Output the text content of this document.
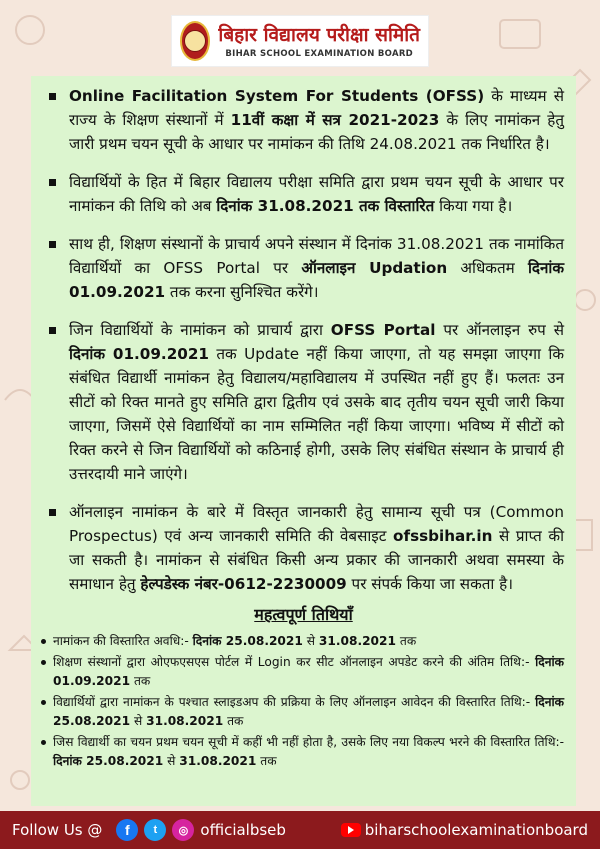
बिहार विद्यालय परीक्षा समिति
BIHAR SCHOOL EXAMINATION BOARD
Online Facilitation System For Students (OFSS) के माध्यम से राज्य के शिक्षण संस्थानों में 11वीं कक्षा में सत्र 2021-2023 के लिए नामांकन हेतु जारी प्रथम चयन सूची के आधार पर नामांकन की तिथि 24.08.2021 तक निर्धारित है।
विद्यार्थियों के हित में बिहार विद्यालय परीक्षा समिति द्वारा प्रथम चयन सूची के आधार पर नामांकन की तिथि को अब दिनांक 31.08.2021 तक विस्तारित किया गया है।
साथ ही, शिक्षण संस्थानों के प्राचार्य अपने संस्थान में दिनांक 31.08.2021 तक नामांकित विद्यार्थियों का OFSS Portal पर ऑनलाइन Updation अधिकतम दिनांक 01.09.2021 तक करना सुनिश्चित करेंगे।
जिन विद्यार्थियों के नामांकन को प्राचार्य द्वारा OFSS Portal पर ऑनलाइन रुप से दिनांक 01.09.2021 तक Update नहीं किया जाएगा, तो यह समझा जाएगा कि संबंधित विद्यार्थी नामांकन हेतु विद्यालय/महाविद्यालय में उपस्थित नहीं हुए हैं। फलतः उन सीटों को रिक्त मानते हुए समिति द्वारा द्वितीय एवं उसके बाद तृतीय चयन सूची जारी किया जाएगा, जिसमें ऐसे विद्यार्थियों का नाम सम्मिलित नहीं किया जाएगा। भविष्य में सीटों को रिक्त करने से जिन विद्यार्थियों को कठिनाई होगी, उसके लिए संबंधित संस्थान के प्राचार्य ही उत्तरदायी माने जाएंगे।
ऑनलाइन नामांकन के बारे में विस्तृत जानकारी हेतु सामान्य सूची पत्र (Common Prospectus) एवं अन्य जानकारी समिति की वेबसाइट ofssbihar.in से प्राप्त की जा सकती है। नामांकन से संबंधित किसी अन्य प्रकार की जानकारी अथवा समस्या के समाधान हेतु हेल्पडेस्क नंबर-0612-2230009 पर संपर्क किया जा सकता है।
महत्वपूर्ण तिथियाँ
नामांकन की विस्तारित अवधि:- दिनांक 25.08.2021 से 31.08.2021 तक
शिक्षण संस्थानों द्वारा ओएफएसएस पोर्टल में Login कर सीट ऑनलाइन अपडेट करने की अंतिम तिथि:- दिनांक 01.09.2021 तक
विद्यार्थियों द्वारा नामांकन के पश्चात स्लाइडअप की प्रक्रिया के लिए ऑनलाइन आवेदन की विस्तारित तिथि:- दिनांक 25.08.2021 से 31.08.2021 तक
जिस विद्यार्थी का चयन प्रथम चयन सूची में कहीं भी नहीं होता है, उसके लिए नया विकल्प भरने की विस्तारित तिथि:- दिनांक 25.08.2021 से 31.08.2021 तक
Follow Us @	f	t	◎ officialbseb	biharschoolexaminationboard
